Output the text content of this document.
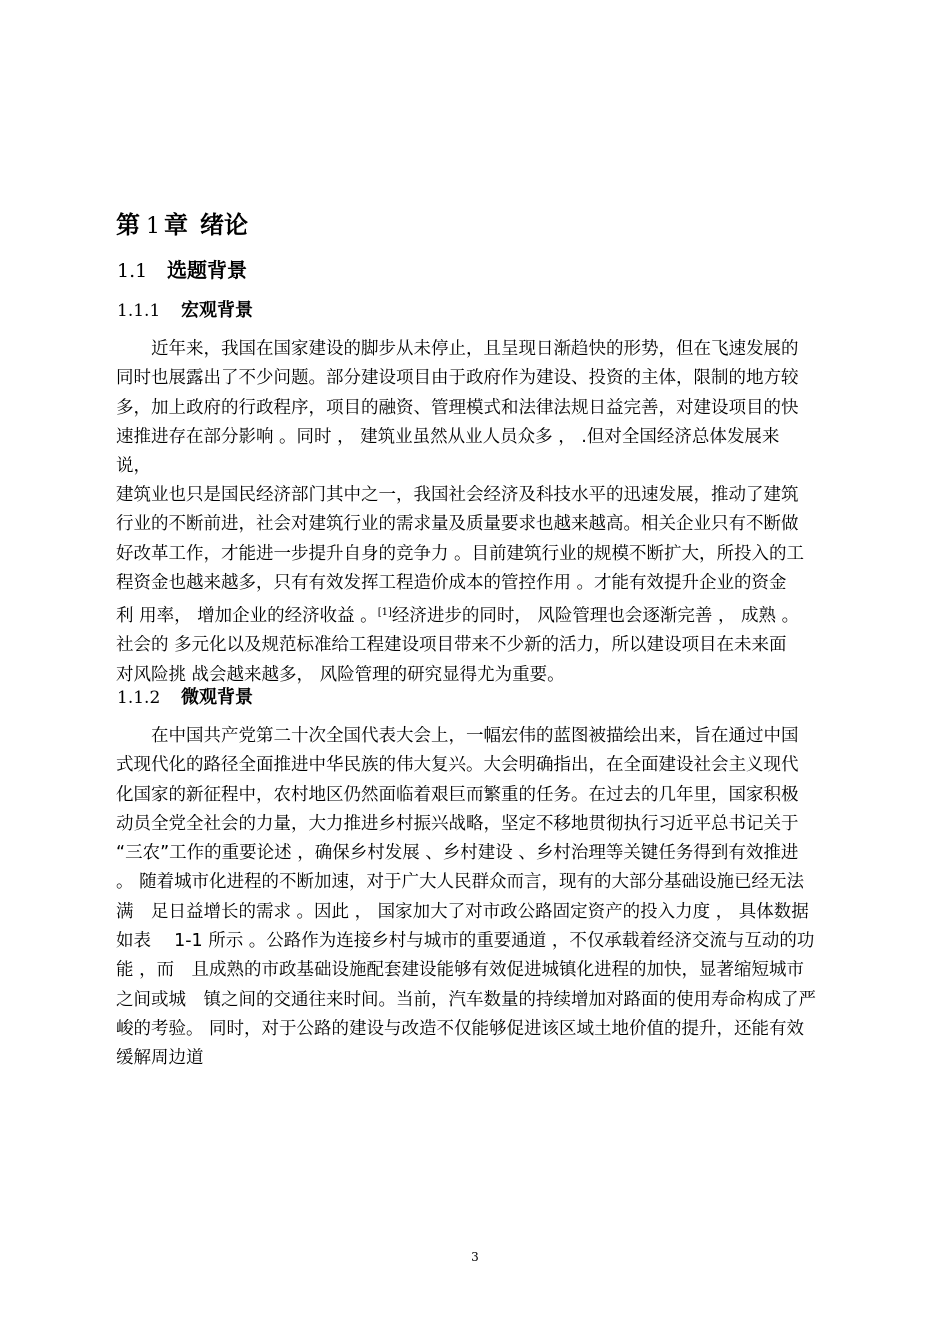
第 1 章 绪论
1.1 选题背景
1.1.1 宏观背景
　　近年来，我国在国家建设的脚步从未停止，且呈现日渐趋快的形势，但在飞速发展的
同时也展露出了不少问题。部分建设项目由于政府作为建设、投资的主体，限制的地方较
多，加上政府的行政程序，项目的融资、管理模式和法律法规日益完善，对建设项目的快
速推进存在部分影响 。同时 ， 建筑业虽然从业人员众多 ， .但对全国经济总体发展来
说，
建筑业也只是国民经济部门其中之一，我国社会经济及科技水平的迅速发展，推动了建筑
行业的不断前进，社会对建筑行业的需求量及质量要求也越来越高。相关企业只有不断做
好改革工作，才能进一步提升自身的竞争力 。目前建筑行业的规模不断扩大，所投入的工
程资金也越来越多，只有有效发挥工程造价成本的管控作用 。才能有效提升企业的资金
利 用率， 增加企业的经济收益 。[1]经济进步的同时， 风险管理也会逐渐完善 ， 成熟 。
社会的 多元化以及规范标准给工程建设项目带来不少新的活力，所以建设项目在未来面
对风险挑 战会越来越多， 风险管理的研究显得尤为重要。
1.1.2 微观背景
　　在中国共产党第二十次全国代表大会上，一幅宏伟的蓝图被描绘出来，旨在通过中国
式现代化的路径全面推进中华民族的伟大复兴。大会明确指出，在全面建设社会主义现代
化国家的新征程中，农村地区仍然面临着艰巨而繁重的任务。在过去的几年里，国家积极
动员全党全社会的力量，大力推进乡村振兴战略，坚定不移地贯彻执行习近平总书记关于
“三农”工作的重要论述 ，确保乡村发展 、乡村建设 、乡村治理等关键任务得到有效推进
。 随着城市化进程的不断加速，对于广大人民群众而言，现有的大部分基础设施已经无法
满　足日益增长的需求 。因此 ， 国家加大了对市政公路固定资产的投入力度 ， 具体数据
如表　 1-1 所示 。公路作为连接乡村与城市的重要通道 ，不仅承载着经济交流与互动的功
能 ，而　且成熟的市政基础设施配套建设能够有效促进城镇化进程的加快，显著缩短城市
之间或城　镇之间的交通往来时间。当前，汽车数量的持续增加对路面的使用寿命构成了严
峻的考验。 同时，对于公路的建设与改造不仅能够促进该区域土地价值的提升，还能有效
缓解周边道
3
